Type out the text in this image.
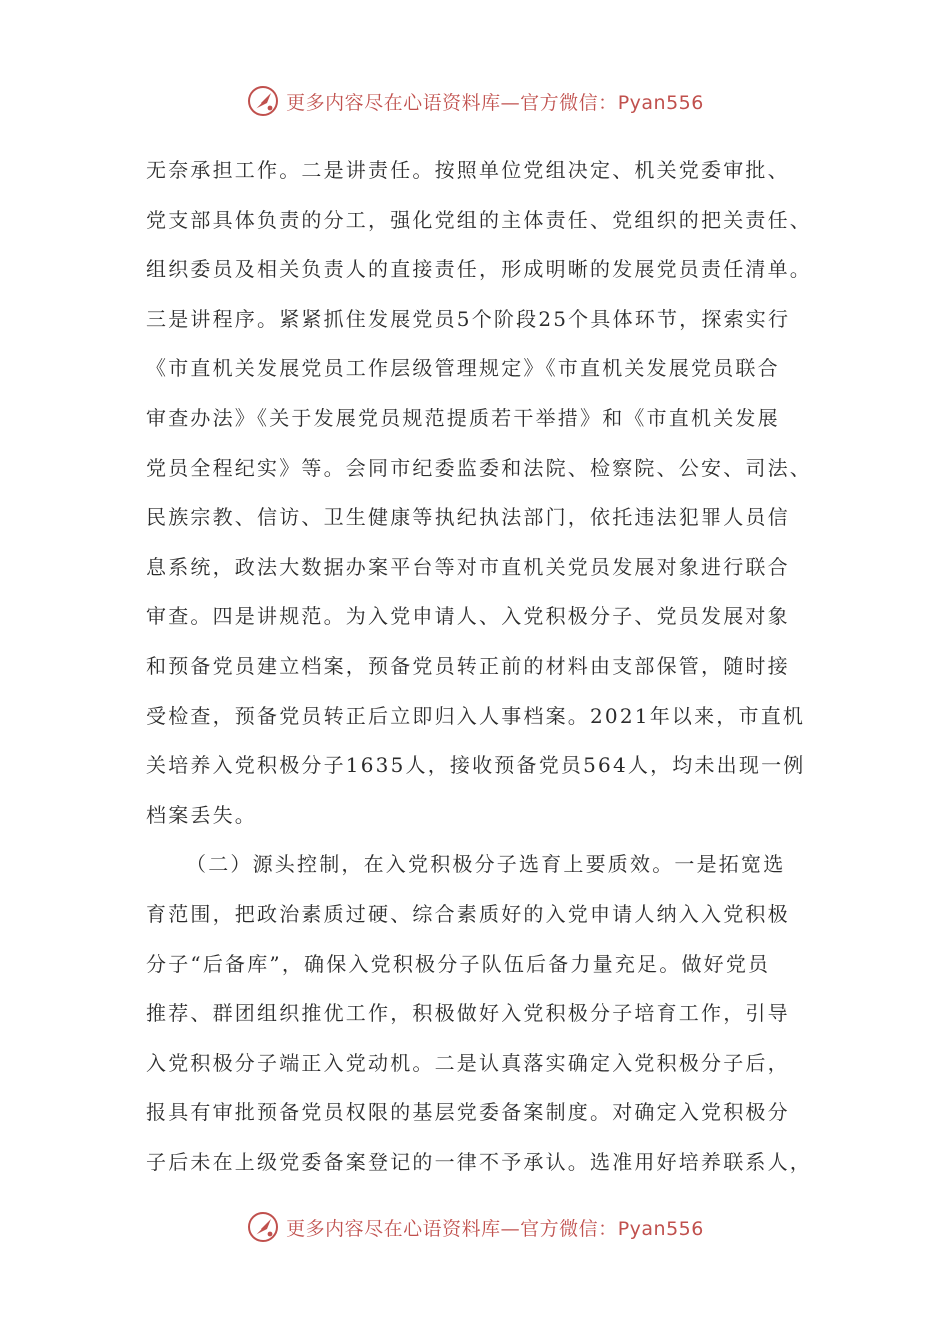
更多内容尽在心语资料库—官方微信：Pyan556
无奈承担工作。二是讲责任。按照单位党组决定、机关党委审批、
党支部具体负责的分工，强化党组的主体责任、党组织的把关责任、
组织委员及相关负责人的直接责任，形成明晰的发展党员责任清单。
三是讲程序。紧紧抓住发展党员5个阶段25个具体环节，探索实行
《市直机关发展党员工作层级管理规定》《市直机关发展党员联合
审查办法》《关于发展党员规范提质若干举措》和《市直机关发展
党员全程纪实》等。会同市纪委监委和法院、检察院、公安、司法、
民族宗教、信访、卫生健康等执纪执法部门，依托违法犯罪人员信
息系统，政法大数据办案平台等对市直机关党员发展对象进行联合
审查。四是讲规范。为入党申请人、入党积极分子、党员发展对象
和预备党员建立档案，预备党员转正前的材料由支部保管，随时接
受检查，预备党员转正后立即归入人事档案。2021年以来，市直机
关培养入党积极分子1635人，接收预备党员564人，均未出现一例
档案丢失。
（二）源头控制，在入党积极分子选育上要质效。一是拓宽选
育范围，把政治素质过硬、综合素质好的入党申请人纳入入党积极
分子“后备库”，确保入党积极分子队伍后备力量充足。做好党员
推荐、群团组织推优工作，积极做好入党积极分子培育工作，引导
入党积极分子端正入党动机。二是认真落实确定入党积极分子后，
报具有审批预备党员权限的基层党委备案制度。对确定入党积极分
子后未在上级党委备案登记的一律不予承认。选准用好培养联系人，
更多内容尽在心语资料库—官方微信：Pyan556
